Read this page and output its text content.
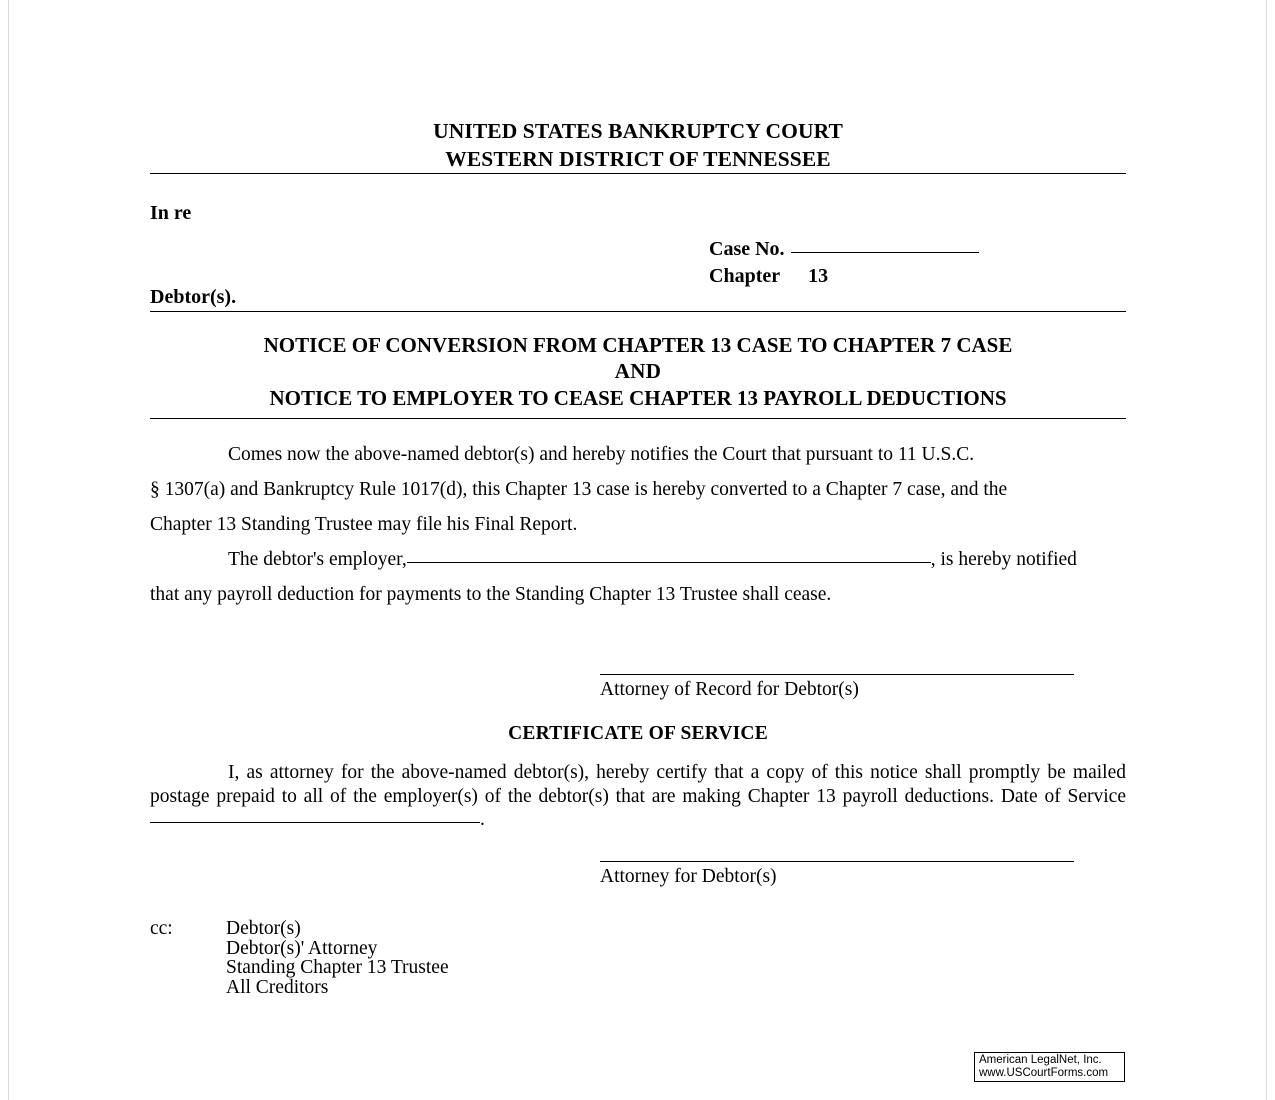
UNITED STATES BANKRUPTCY COURT
WESTERN DISTRICT OF TENNESSEE
In re
Debtor(s).
Case No.
Chapter 13
NOTICE OF CONVERSION FROM CHAPTER 13 CASE TO CHAPTER 7 CASE
AND
NOTICE TO EMPLOYER TO CEASE CHAPTER 13 PAYROLL DEDUCTIONS

Comes now the above-named debtor(s) and hereby notifies the Court that pursuant to 11 U.S.C.
§ 1307(a) and Bankruptcy Rule 1017(d), this Chapter 13 case is hereby converted to a Chapter 7 case, and the
Chapter 13 Standing Trustee may file his Final Report.

The debtor's employer,	, is hereby notified
that any payroll deduction for payments to the Standing Chapter 13 Trustee shall cease.

Attorney of Record for Debtor(s)
CERTIFICATE OF SERVICE
I, as attorney for the above-named debtor(s), hereby certify that a copy of this notice shall promptly be mailed postage prepaid to all of the employer(s) of the debtor(s) that are making Chapter 13 payroll deductions. Date of Service.
Attorney for Debtor(s)
cc:	Debtor(s)
Debtor(s)' Attorney
Standing Chapter 13 Trustee
All Creditors
American LegalNet, Inc.
www.USCourtForms.com
